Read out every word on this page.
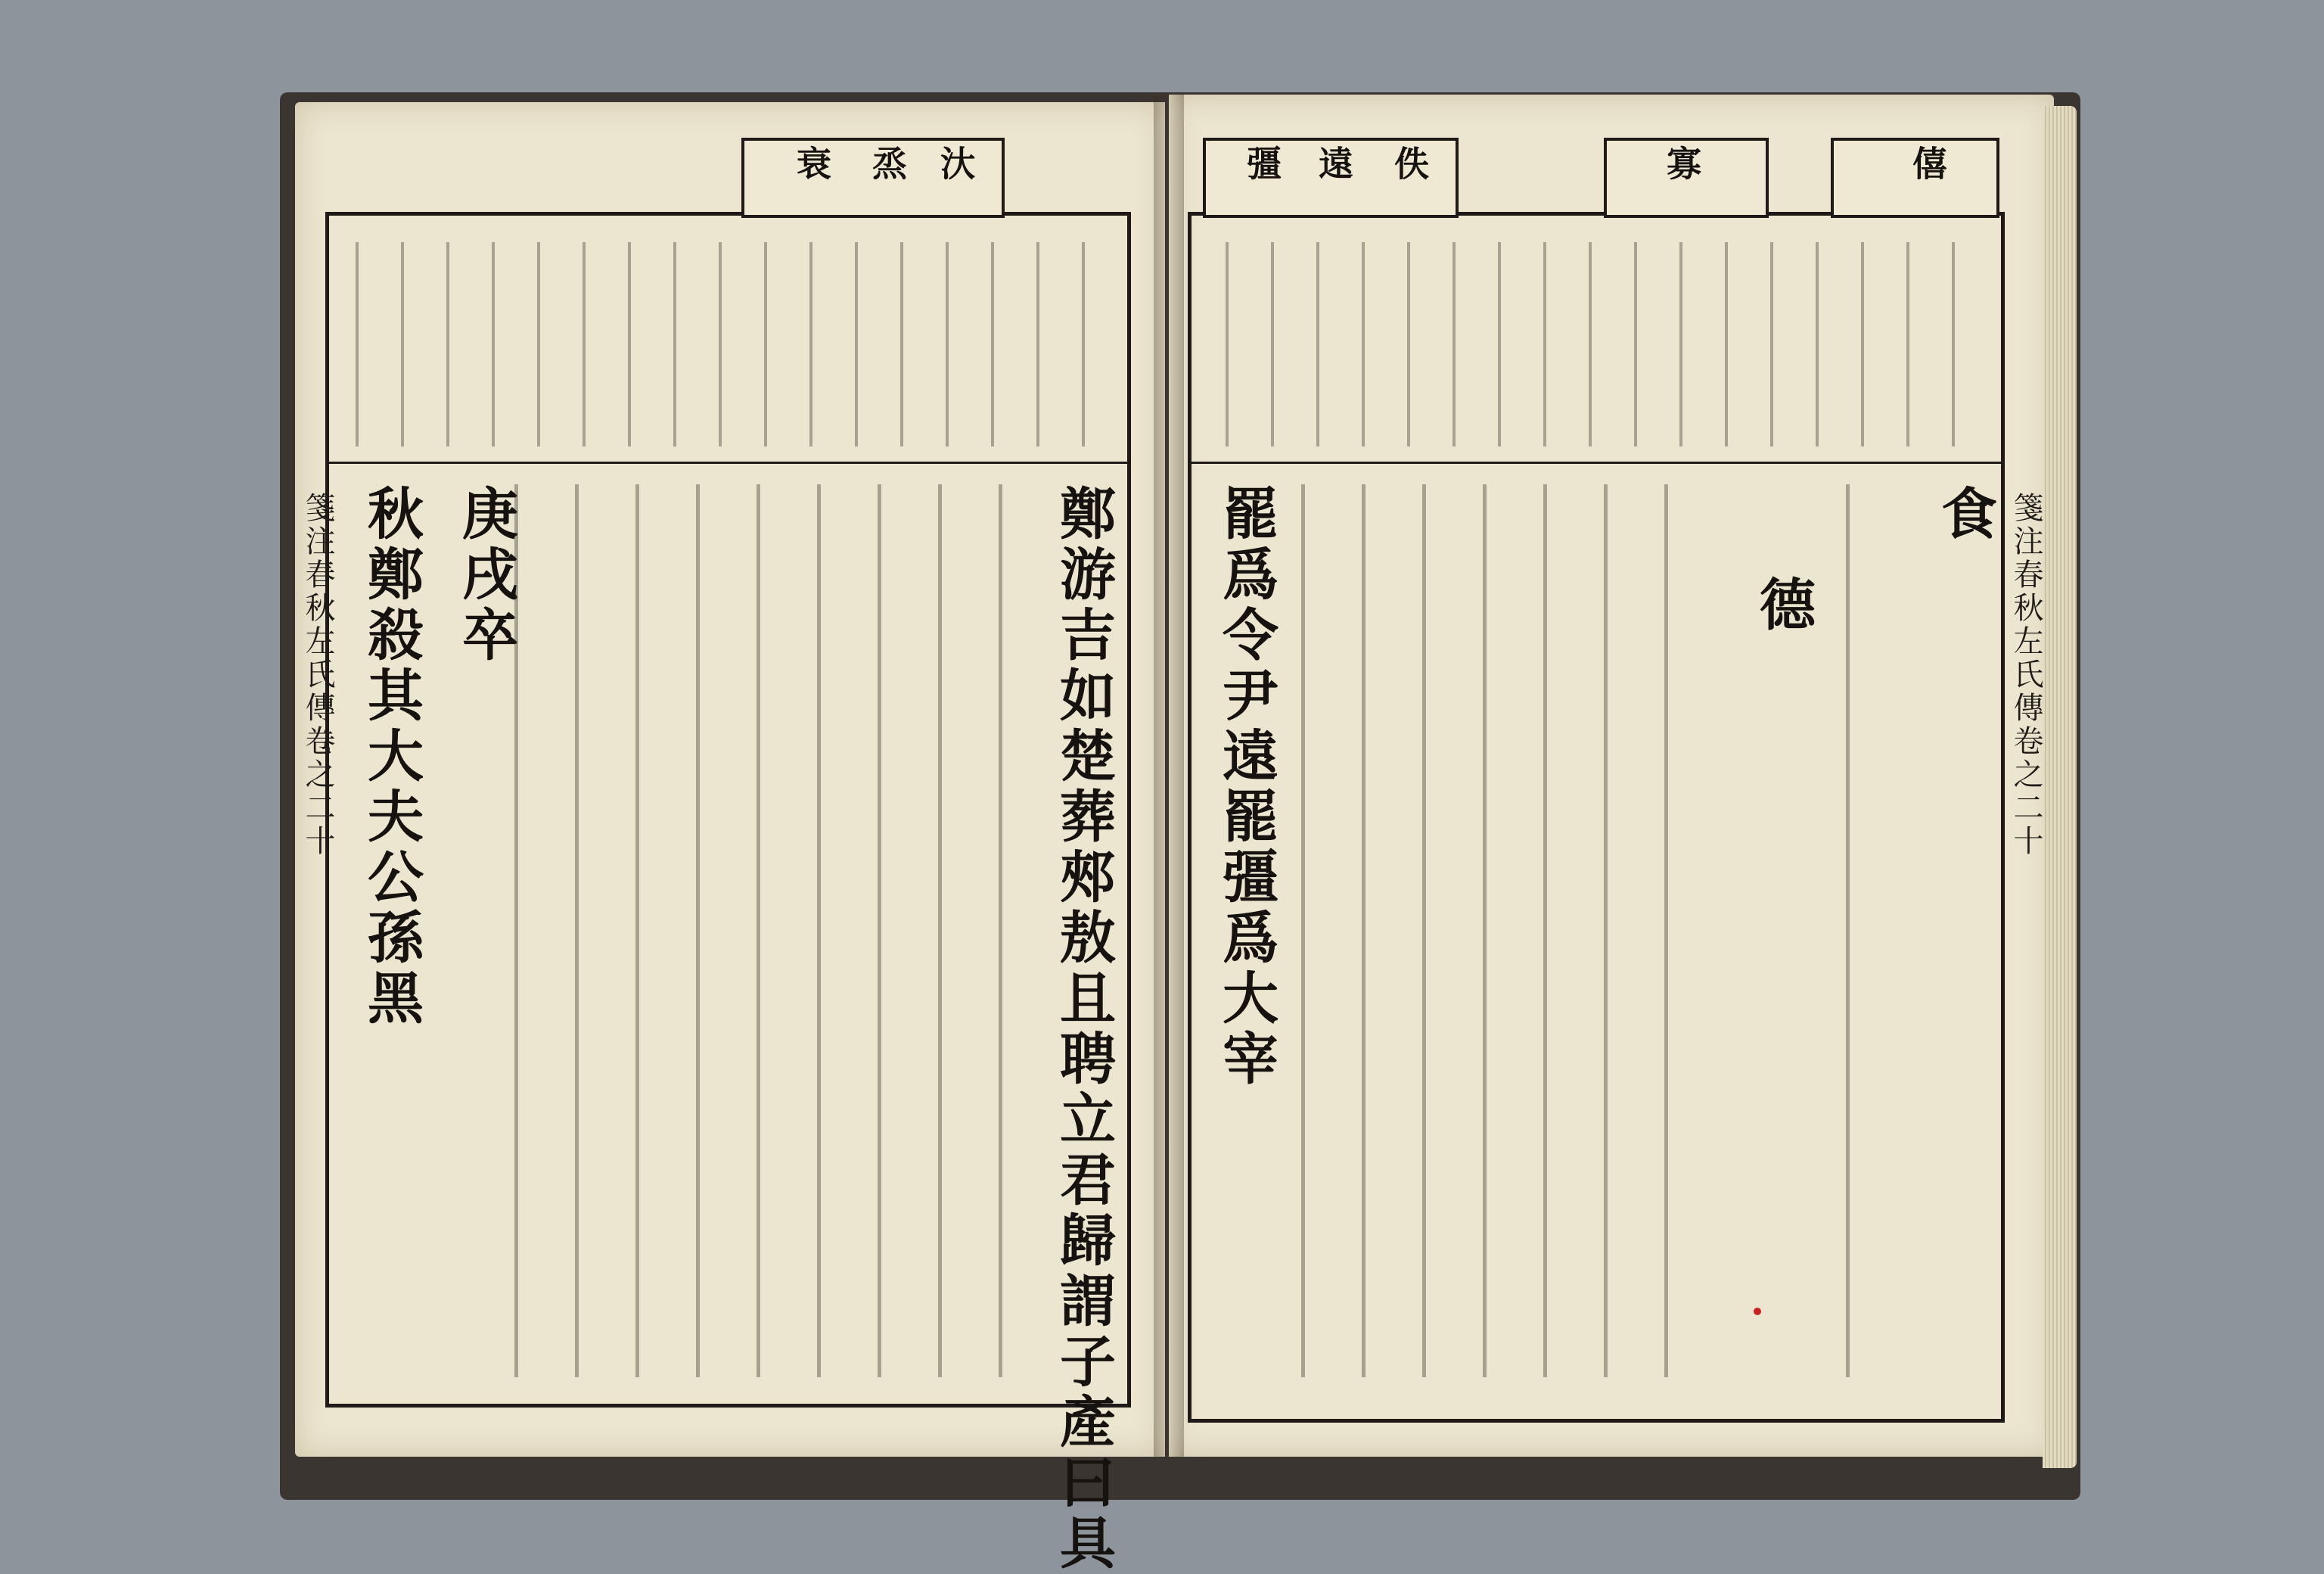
汏
烝
衰	僖
寡
佚
遠
彊
鄭游吉如楚葬郟敖且聘立君歸謂子產曰具
庚戌卒
秋鄭殺其大夫公孫黑
箋注春秋左氏傳卷之二十	食
德
罷爲令尹遠罷彊爲大宰	箋注春秋左氏傳卷之二十
